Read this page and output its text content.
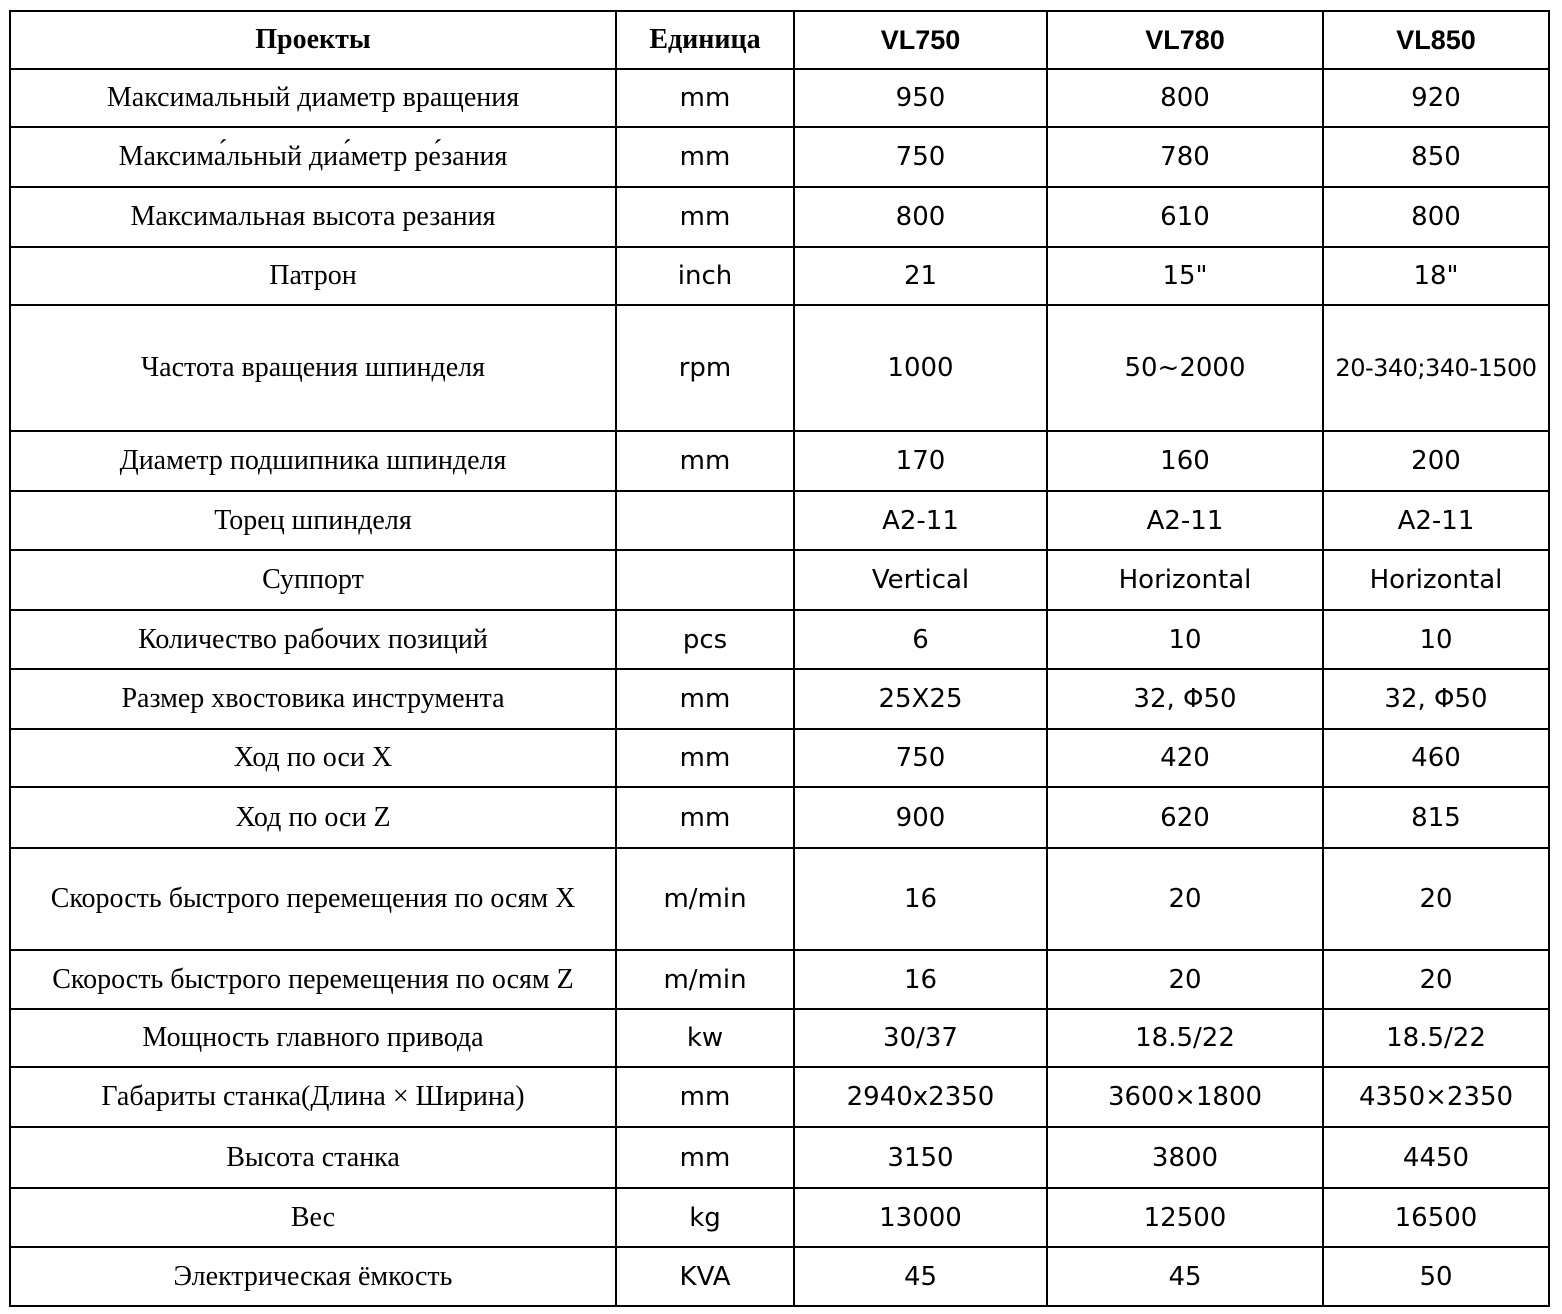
Проекты	Единица	VL750	VL780	VL850
Максимальный диаметр вращения	mm	950	800	920
Максима́льный диа́метр ре́зания	mm	750	780	850
Максимальная высота резания	mm	800	610	800
Патрон	inch	21	15"	18"
Частота вращения шпинделя	rpm	1000	50~2000	20-340;340-1500
Диаметр подшипника шпинделя	mm	170	160	200
Торец шпинделя		A2-11	A2-11	A2-11
Суппорт		Vertical	Horizontal	Horizontal
Количество рабочих позиций	pcs	6	10	10
Размер хвостовика инструмента	mm	25X25	32, Φ50	32, Φ50
Ход по оси X	mm	750	420	460
Ход по оси Z	mm	900	620	815
Скорость быстрого перемещения по осям X	m/min	16	20	20
Скорость быстрого перемещения по осям Z	m/min	16	20	20
Мощность главного привода	kw	30/37	18.5/22	18.5/22
Габариты станка(Длина × Ширина)	mm	2940x2350	3600×1800	4350×2350
Высота станка	mm	3150	3800	4450
Вес	kg	13000	12500	16500
Электрическая ёмкость	KVA	45	45	50
